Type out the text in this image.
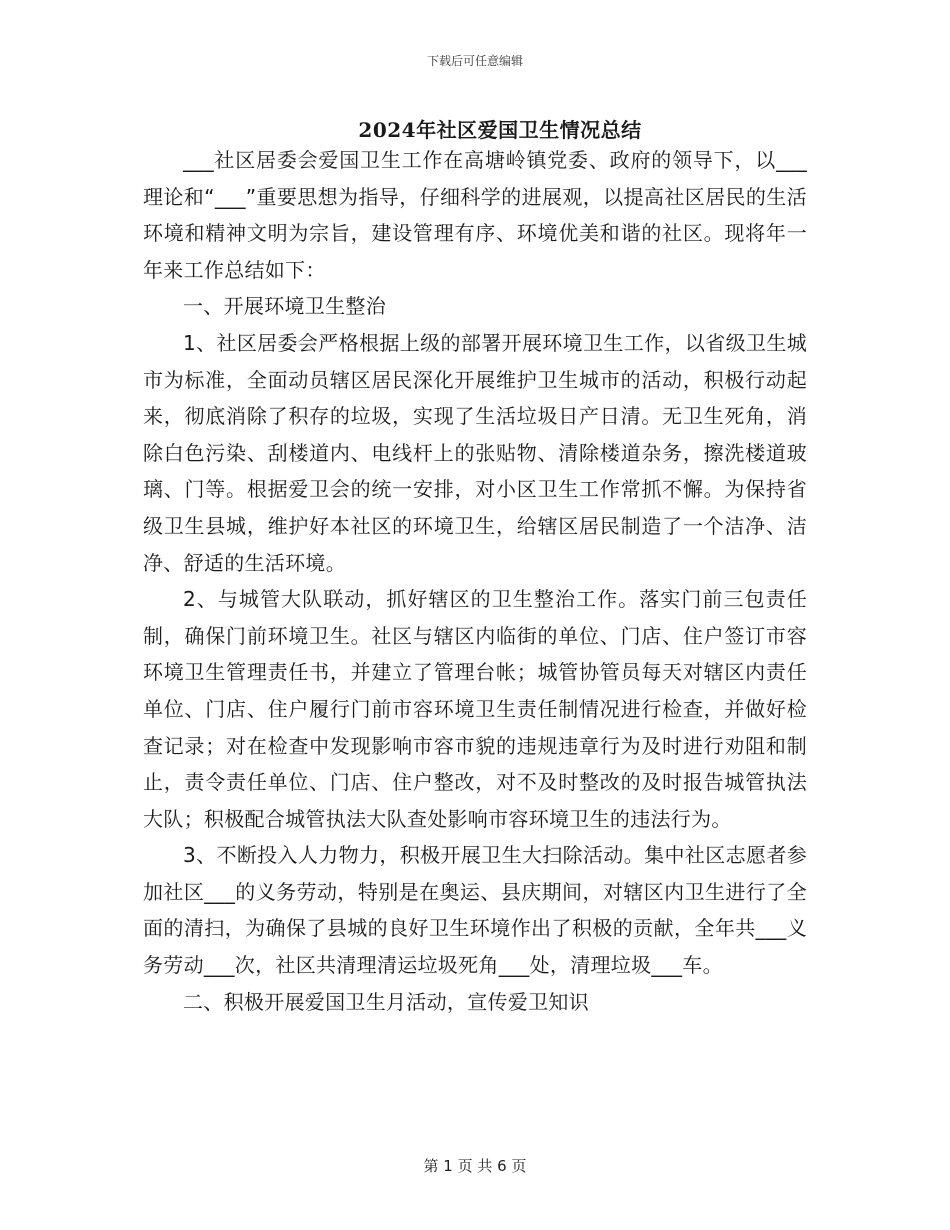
下载后可任意编辑
2024年社区爱国卫生情况总结

___社区居委会爱国卫生工作在高塘岭镇党委、政府的领导下，以___理论和“___”重要思想为指导，仔细科学的进展观，以提高社区居民的生活环境和精神文明为宗旨，建设管理有序、环境优美和谐的社区。现将年一年来工作总结如下：

一、开展环境卫生整治

1、社区居委会严格根据上级的部署开展环境卫生工作，以省级卫生城市为标准，全面动员辖区居民深化开展维护卫生城市的活动，积极行动起来，彻底消除了积存的垃圾，实现了生活垃圾日产日清。无卫生死角，消除白色污染、刮楼道内、电线杆上的张贴物、清除楼道杂务，擦洗楼道玻璃、门等。根据爱卫会的统一安排，对小区卫生工作常抓不懈。为保持省级卫生县城，维护好本社区的环境卫生，给辖区居民制造了一个洁净、洁净、舒适的生活环境。

2、与城管大队联动，抓好辖区的卫生整治工作。落实门前三包责任制，确保门前环境卫生。社区与辖区内临街的单位、门店、住户签订市容环境卫生管理责任书，并建立了管理台帐；城管协管员每天对辖区内责任单位、门店、住户履行门前市容环境卫生责任制情况进行检查，并做好检查记录；对在检查中发现影响市容市貌的违规违章行为及时进行劝阻和制止，责令责任单位、门店、住户整改，对不及时整改的及时报告城管执法大队；积极配合城管执法大队查处影响市容环境卫生的违法行为。

3、不断投入人力物力，积极开展卫生大扫除活动。集中社区志愿者参加社区___的义务劳动，特别是在奥运、县庆期间，对辖区内卫生进行了全面的清扫，为确保了县城的良好卫生环境作出了积极的贡献，全年共___义务劳动___次，社区共清理清运垃圾死角___处，清理垃圾___车。

二、积极开展爱国卫生月活动，宣传爱卫知识

第 1 页 共 6 页
